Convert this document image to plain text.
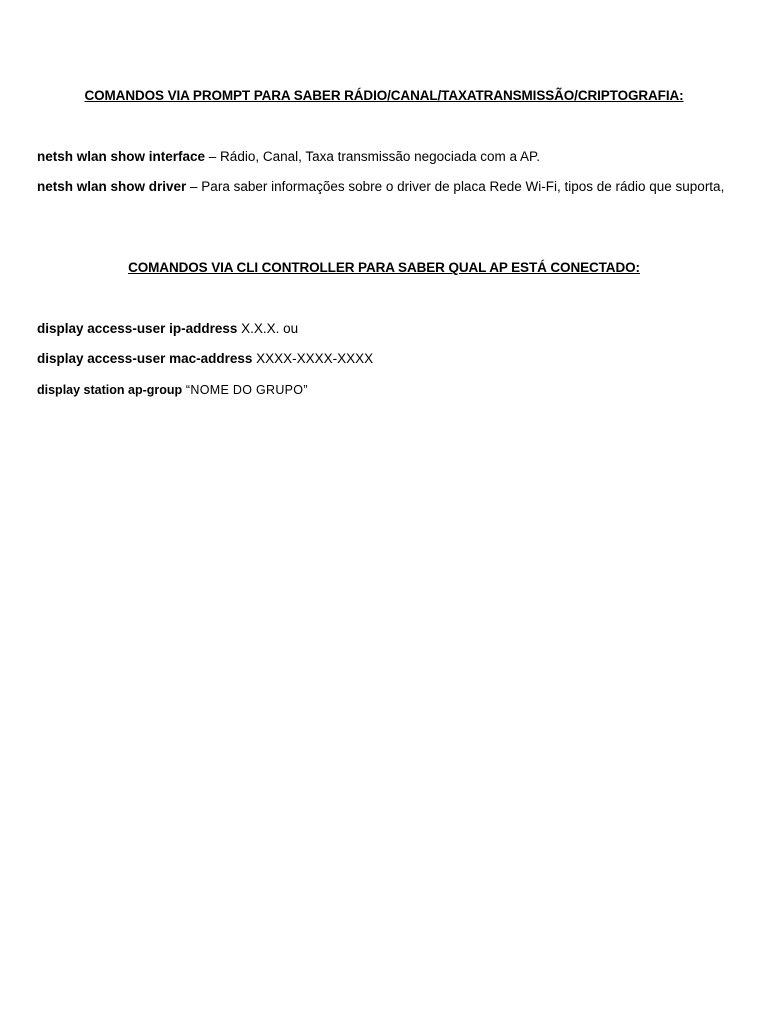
COMANDOS VIA PROMPT PARA SABER RÁDIO/CANAL/TAXATRANSMISSÃO/CRIPTOGRAFIA:
netsh wlan show interface – Rádio, Canal, Taxa transmissão negociada com a AP.
netsh wlan show driver – Para saber informações sobre o driver de placa Rede Wi-Fi, tipos de rádio que suporta,
COMANDOS VIA CLI CONTROLLER PARA SABER QUAL AP ESTÁ CONECTADO:
display access-user ip-address X.X.X. ou
display access-user mac-address XXXX-XXXX-XXXX
display station ap-group “NOME DO GRUPO”
